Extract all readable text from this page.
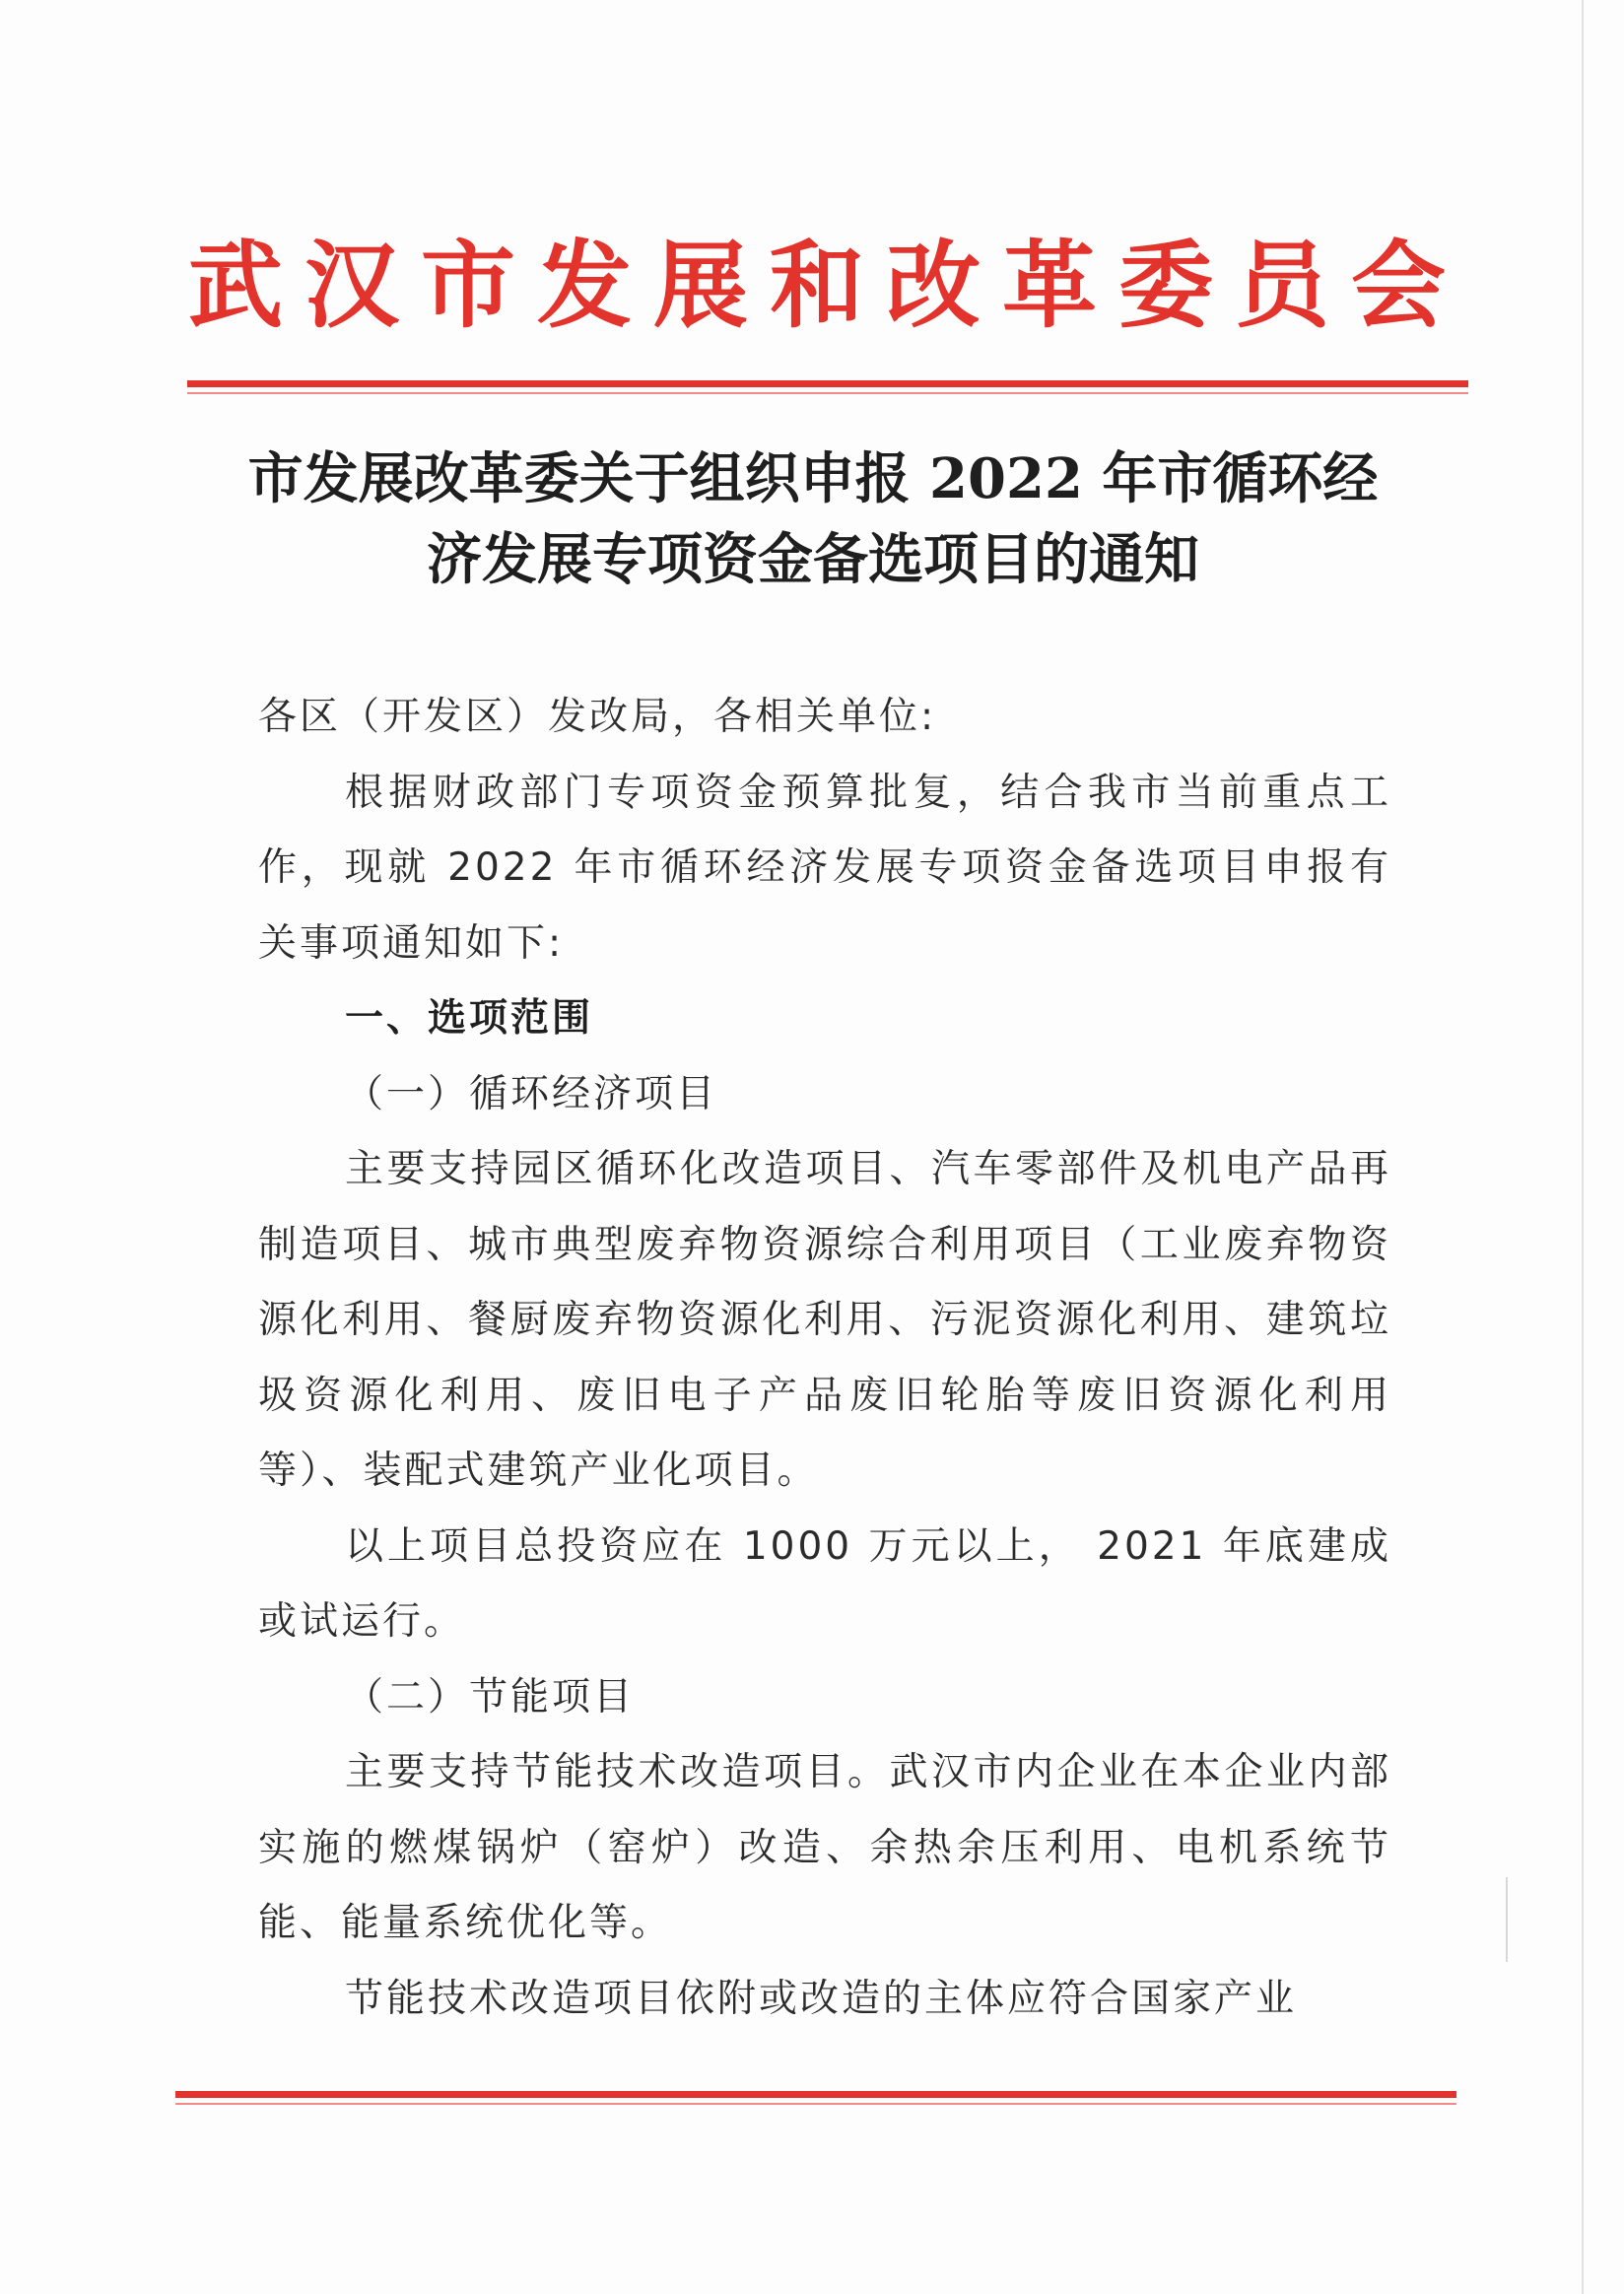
武汉市发展和改革委员会
市发展改革委关于组织申报 2022 年市循环经
济发展专项资金备选项目的通知

各区（开发区）发改局，各相关单位:

根据财政部门专项资金预算批复，结合我市当前重点工作，现就 2022 年市循环经济发展专项资金备选项目申报有关事项通知如下:

一、选项范围

（一）循环经济项目

主要支持园区循环化改造项目、汽车零部件及机电产品再制造项目、城市典型废弃物资源综合利用项目（工业废弃物资源化利用、餐厨废弃物资源化利用、污泥资源化利用、建筑垃圾资源化利用、废旧电子产品废旧轮胎等废旧资源化利用等）、装配式建筑产业化项目。

以上项目总投资应在 1000 万元以上， 2021 年底建成或试运行。

（二）节能项目

主要支持节能技术改造项目。武汉市内企业在本企业内部实施的燃煤锅炉（窑炉）改造、余热余压利用、电机系统节能、能量系统优化等。

节能技术改造项目依附或改造的主体应符合国家产业
